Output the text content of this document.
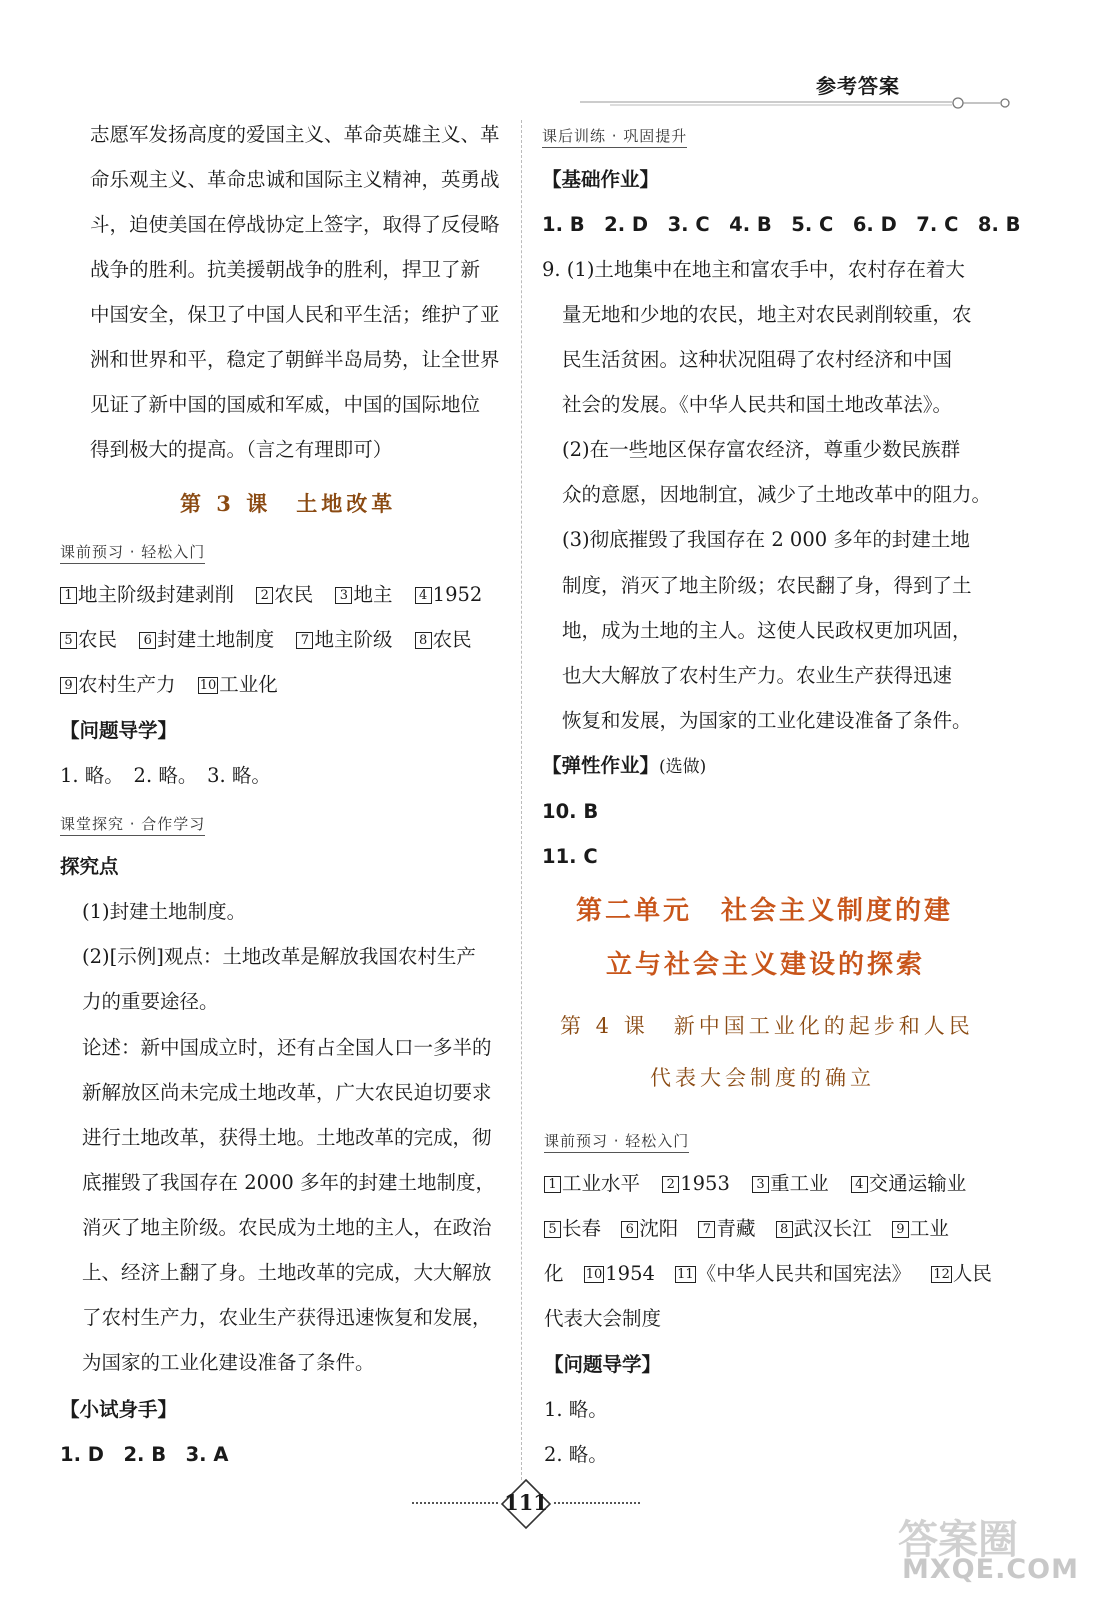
参考答案
志愿军发扬高度的爱国主义、革命英雄主义、革
命乐观主义、革命忠诚和国际主义精神，英勇战
斗，迫使美国在停战协定上签字，取得了反侵略
战争的胜利。抗美援朝战争的胜利，捍卫了新
中国安全，保卫了中国人民和平生活；维护了亚
洲和世界和平，稳定了朝鲜半岛局势，让全世界
见证了新中国的国威和军威，中国的国际地位
得到极大的提高。（言之有理即可）
第 3 课　土地改革
课前预习 · 轻松入门
1 地主阶级封建剥削 2 农民 3 地主 4 1952
5 农民 6 封建土地制度 7 地主阶级 8 农民
9 农村生产力 10 工业化
【问题导学】
1. 略。　2. 略。　3. 略。
课堂探究 · 合作学习
探究点
(1)封建土地制度。
(2)[示例]观点：土地改革是解放我国农村生产
力的重要途径。
论述：新中国成立时，还有占全国人口一多半的
新解放区尚未完成土地改革，广大农民迫切要求
进行土地改革，获得土地。土地改革的完成，彻
底摧毁了我国存在 2000 多年的封建土地制度，
消灭了地主阶级。农民成为土地的主人，在政治
上、经济上翻了身。土地改革的完成，大大解放
了农村生产力，农业生产获得迅速恢复和发展，
为国家的工业化建设准备了条件。
【小试身手】
1. D　2. B　3. A
课后训练 · 巩固提升
【基础作业】
1. B　2. D　3. C　4. B　5. C　6. D　7. C　8. B
9. (1)土地集中在地主和富农手中，农村存在着大
量无地和少地的农民，地主对农民剥削较重，农
民生活贫困。这种状况阻碍了农村经济和中国
社会的发展。《中华人民共和国土地改革法》。
(2)在一些地区保存富农经济，尊重少数民族群
众的意愿，因地制宜，减少了土地改革中的阻力。
(3)彻底摧毁了我国存在 2 000 多年的封建土地
制度，消灭了地主阶级；农民翻了身，得到了土
地，成为土地的主人。这使人民政权更加巩固，
也大大解放了农村生产力。农业生产获得迅速
恢复和发展，为国家的工业化建设准备了条件。
【弹性作业】(选做)
10. B
11. C
第二单元　社会主义制度的建
立与社会主义建设的探索
第 4 课　新中国工业化的起步和人民
代表大会制度的确立
课前预习 · 轻松入门
1 工业水平 2 1953 3 重工业 4 交通运输业
5 长春 6 沈阳 7 青藏 8 武汉长江 9 工业
化 10 1954 11 《中华人民共和国宪法》 12 人民
代表大会制度
【问题导学】
1. 略。
2. 略。
111
答案圈
MXQE.COM
